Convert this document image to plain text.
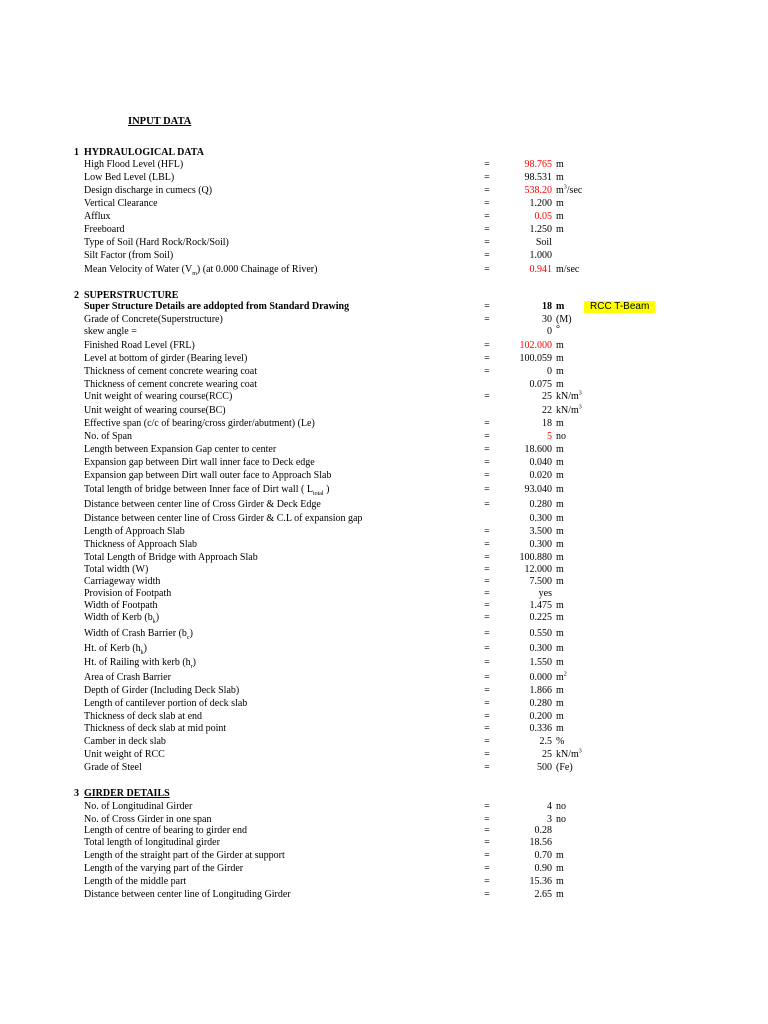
INPUT DATA
1 HYDRAULOGICAL DATA
High Flood Level (HFL)	=	98.765 m
Low Bed Level (LBL)	=	98.531 m
Design discharge in cumecs (Q)	=	538.20 $m^3/\sec$
Vertical Clearance	=	1.200 m
Afflux	=	0.05 m
Freeboard	=	1.250 m
Type of Soil (Hard Rock/Rock/Soil)	=	Soil
Silt Factor (from Soil)	=	1.000
Mean Velocity of Water $(V_m)$ (at 0.000 Chainage of River)	=	0.941 m/sec
2 SUPERSTRUCTURE
Super Structure Details are addopted from Standard Drawing	=	18 m	RCC T-Beam
Grade of Concrete(Superstructure)	=	30 (M)
skew angle =	0 °
Finished Road Level (FRL)	=	102.000 m
Level at bottom of girder (Bearing level)	=	100.059 m
Thickness of cement concrete wearing coat	=	0 m
Thickness of cement concrete wearing coat	0.075 m
Unit weight of wearing course(RCC)	=	25 $kN/m^3$
Unit weight of wearing course(BC)	22 $kN/m^3$
Effective span (c/c of bearing/cross girder/abutment) (Le)	=	18 m
No. of Span	=	5 no
Length between Expansion Gap center to center	=	18.600 m
Expansion gap between Dirt wall inner face to Deck edge	=	0.040 m
Expansion gap between Dirt wall outer face to Approach Slab	=	0.020 m
Total length of bridge between Inner face of Dirt wall ( $L_{total}$ )	=	93.040 m
Distance between center line of Cross Girder & Deck Edge	=	0.280 m
Distance between center line of Cross Girder & C.L of expansion gap	0.300 m
Length of Approach Slab	=	3.500 m
Thickness of Approach Slab	=	0.300 m
Total Length of Bridge with Approach Slab	=	100.880 m
Total width (W)	=	12.000 m
Carriageway width	=	7.500 m
Provision of Footpath	=	yes
Width of Footpath	=	1.475 m
Width of Kerb $(b_k)$	=	0.225 m
Width of Crash Barrier $(b_c)$	=	0.550 m
Ht. of Kerb $(h_k)$	=	0.300 m
Ht. of Railing with kerb $(h_r)$	=	1.550 m
Area of Crash Barrier	=	0.000 $m^2$
Depth of Girder (Including Deck Slab)	=	1.866 m
Length of cantilever portion of deck slab	=	0.280 m
Thickness of deck slab at end	=	0.200 m
Thickness of deck slab at mid point	=	0.336 m
Camber in deck slab	=	2.5 %
Unit weight of RCC	=	25 $kN/m^3$
Grade of Steel	=	500 (Fe)
3 GIRDER DETAILS
No. of Longitudinal Girder	=	4 no
No. of Cross Girder in one span	=	3 no
Length of centre of bearing to girder end	=	0.28
Total length of longitudinal girder	=	18.56
Length of the straight part of the Girder at support	=	0.70 m
Length of the varying part of the Girder	=	0.90 m
Length of the middle part	=	15.36 m
Distance between center line of Longituding Girder	=	2.65 m
